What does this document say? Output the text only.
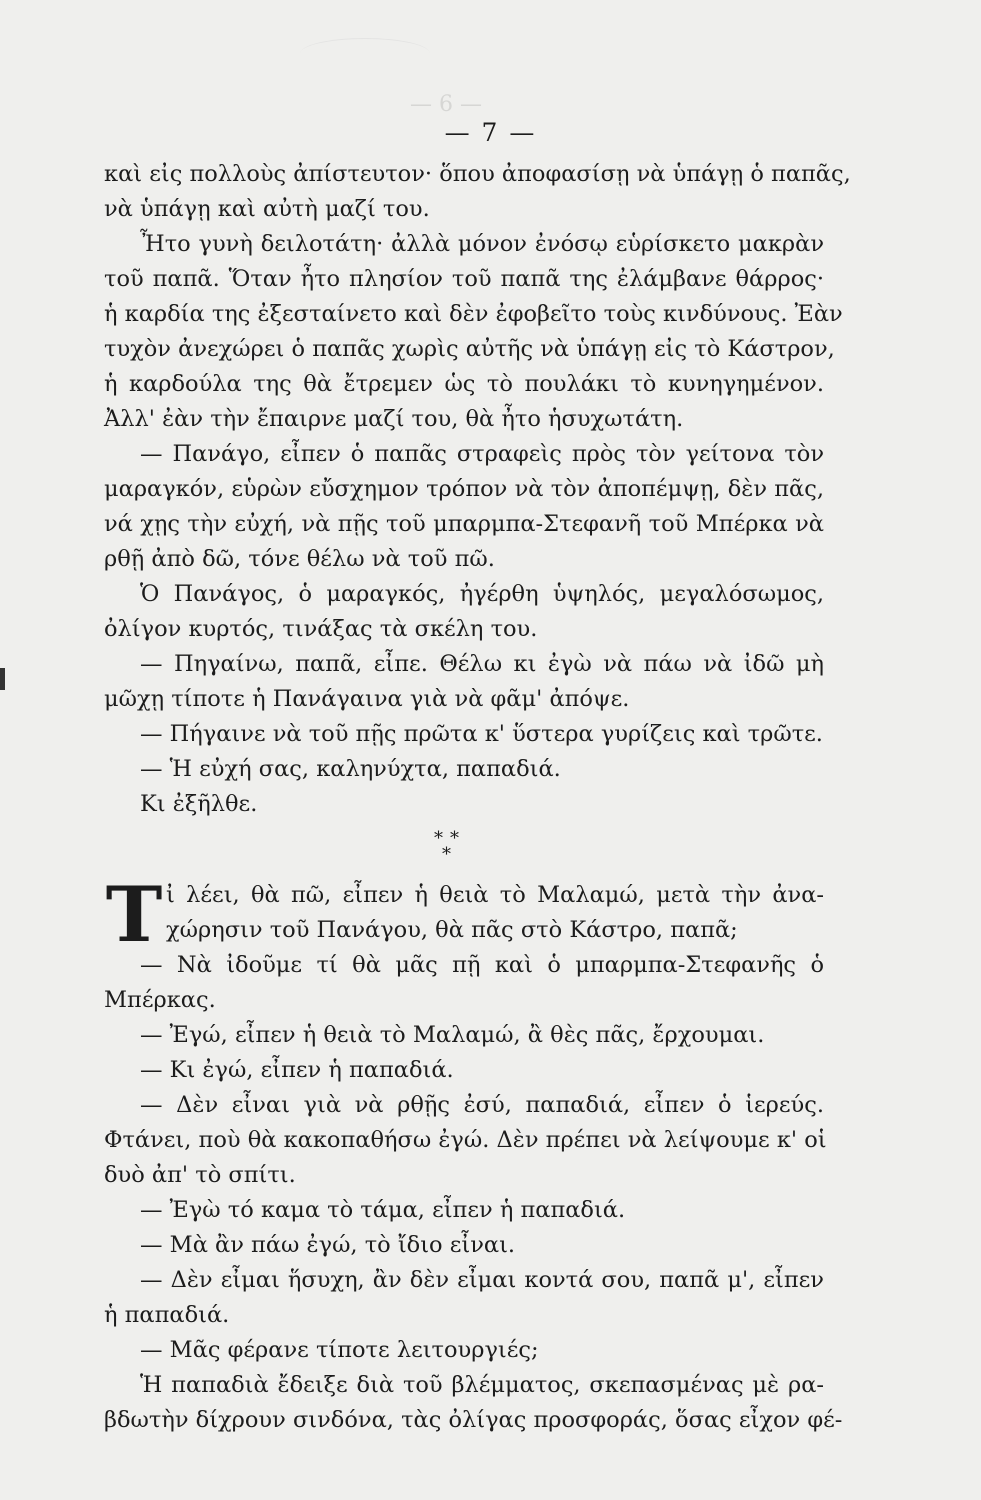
— 6 —
— 7 —
καὶ εἰς πολλοὺς ἀπίστευτον· ὅπου ἀποφασίσῃ νὰ ὑπάγῃ ὁ παπᾶς,
νὰ ὑπάγῃ καὶ αὐτὴ μαζί του.
Ἦτο γυνὴ δειλοτάτη· ἀλλὰ μόνον ἐνόσῳ εὑρίσκετο μακρὰν
τοῦ παπᾶ. Ὅταν ἦτο πλησίον τοῦ παπᾶ της ἐλάμβανε θάρρος·
ἡ καρδία της ἐξεσταίνετο καὶ δὲν ἐφοβεῖτο τοὺς κινδύνους. Ἐὰν
τυχὸν ἀνεχώρει ὁ παπᾶς χωρὶς αὐτῆς νὰ ὑπάγῃ εἰς τὸ Κάστρον,
ἡ καρδούλα της θὰ ἔτρεμεν ὡς τὸ πουλάκι τὸ κυνηγημένον.
Ἀλλ' ἐὰν τὴν ἔπαιρνε μαζί του, θὰ ἦτο ἡσυχωτάτη.
— Πανάγο, εἶπεν ὁ παπᾶς στραφεὶς πρὸς τὸν γείτονα τὸν
μαραγκόν, εὑρὼν εὔσχημον τρόπον νὰ τὸν ἀποπέμψῃ, δὲν πᾶς,
νά χῃς τὴν εὐχή, νὰ πῇς τοῦ μπαρμπα-Στεφανῆ τοῦ Μπέρκα νὰ
ρθῇ ἀπὸ δῶ, τόνε θέλω νὰ τοῦ πῶ.
Ὁ Πανάγος, ὁ μαραγκός, ἠγέρθη ὑψηλός, μεγαλόσωμος,
ὀλίγον κυρτός, τινάξας τὰ σκέλη του.
— Πηγαίνω, παπᾶ, εἶπε. Θέλω κι ἐγὼ νὰ πάω νὰ ἰδῶ μὴ
μῶχῃ τίποτε ἡ Πανάγαινα γιὰ νὰ φᾶμ' ἀπόψε.
— Πήγαινε νὰ τοῦ πῇς πρῶτα κ' ὕστερα γυρίζεις καὶ τρῶτε.
— Ἡ εὐχή σας, καληνύχτα, παπαδιά.
Κι ἐξῆλθε.
* *
*
Τ ἰ λέει, θὰ πῶ, εἶπεν ἡ θειὰ τὸ Μαλαμώ, μετὰ τὴν ἀνα-
χώρησιν τοῦ Πανάγου, θὰ πᾶς στὸ Κάστρο, παπᾶ;
— Νὰ ἰδοῦμε τί θὰ μᾶς πῇ καὶ ὁ μπαρμπα-Στεφανῆς ὁ
Μπέρκας.
— Ἐγώ, εἶπεν ἡ θειὰ τὸ Μαλαμώ, ἂ θὲς πᾶς, ἔρχουμαι.
— Κι ἐγώ, εἶπεν ἡ παπαδιά.
— Δὲν εἶναι γιὰ νὰ ρθῇς ἐσύ, παπαδιά, εἶπεν ὁ ἱερεύς.
Φτάνει, ποὺ θὰ κακοπαθήσω ἐγώ. Δὲν πρέπει νὰ λείψουμε κ' οἱ
δυὸ ἀπ' τὸ σπίτι.
— Ἐγὼ τό καμα τὸ τάμα, εἶπεν ἡ παπαδιά.
— Μὰ ἂν πάω ἐγώ, τὸ ἴδιο εἶναι.
— Δὲν εἶμαι ἥσυχη, ἂν δὲν εἶμαι κοντά σου, παπᾶ μ', εἶπεν
ἡ παπαδιά.
— Μᾶς φέρανε τίποτε λειτουργιές;
Ἡ παπαδιὰ ἔδειξε διὰ τοῦ βλέμματος, σκεπασμένας μὲ ρα-
βδωτὴν δίχρουν σινδόνα, τὰς ὀλίγας προσφοράς, ὅσας εἶχον φέ-
